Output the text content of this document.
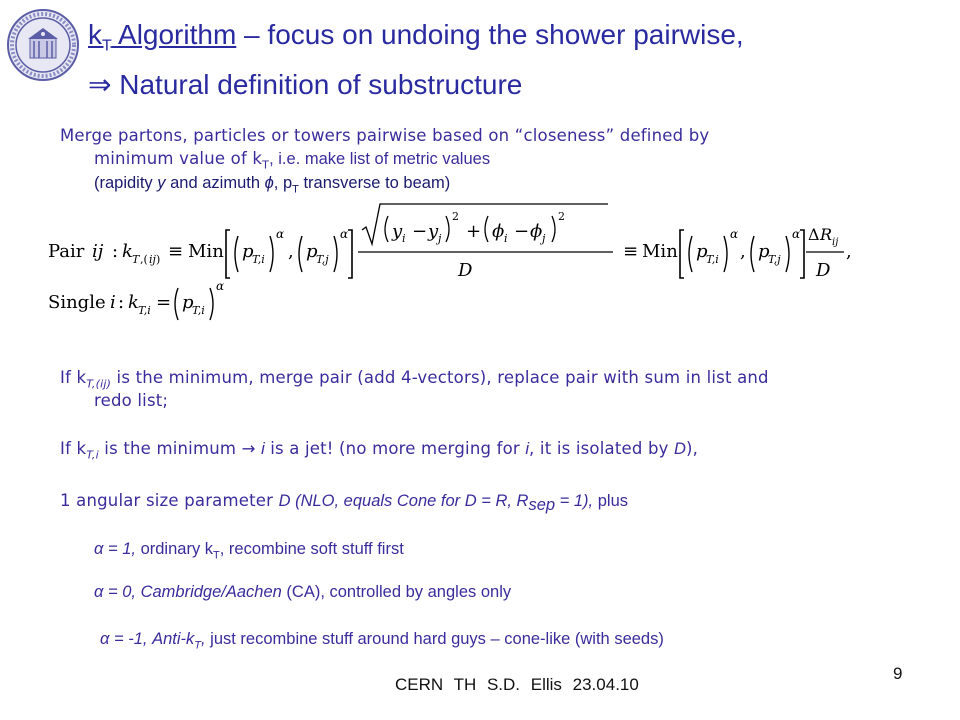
$k_T$ Algorithm – focus on undoing the shower pairwise,
⇒ Natural definition of substructure
Merge partons, particles or towers pairwise based on “closeness” defined by
minimum value of $k_T$, i.e. make list of metric values
(rapidity y and azimuth ϕ, $p_T$ transverse to beam)
Pair ij : k T ,( ij ) ≡ Min p
T,i
α
, p
T,j
α y i − y j
2
+ ϕ i − ϕ j
2
D
≡ Min p
T,i
α
, p
T,j
α Δ R ij
D
,
Single i : k T,i = p
T,i
α
If $k_{T,(ij)}$ is the minimum, merge pair (add 4-vectors), replace pair with sum in list and
redo list;
If $k_{T,i}$ is the minimum → i is a jet! (no more merging for i, it is isolated by D),
1 angular size parameter D (NLO, equals Cone for D = R, $R_{sep} = 1$), plus
α = 1, ordinary $k_T$, recombine soft stuff first
α = 0, Cambridge/Aachen (CA), controlled by angles only
α = -1, Anti-$k_T$, just recombine stuff around hard guys – cone-like (with seeds)
CERN TH S.D. Ellis 23.04.10
9
